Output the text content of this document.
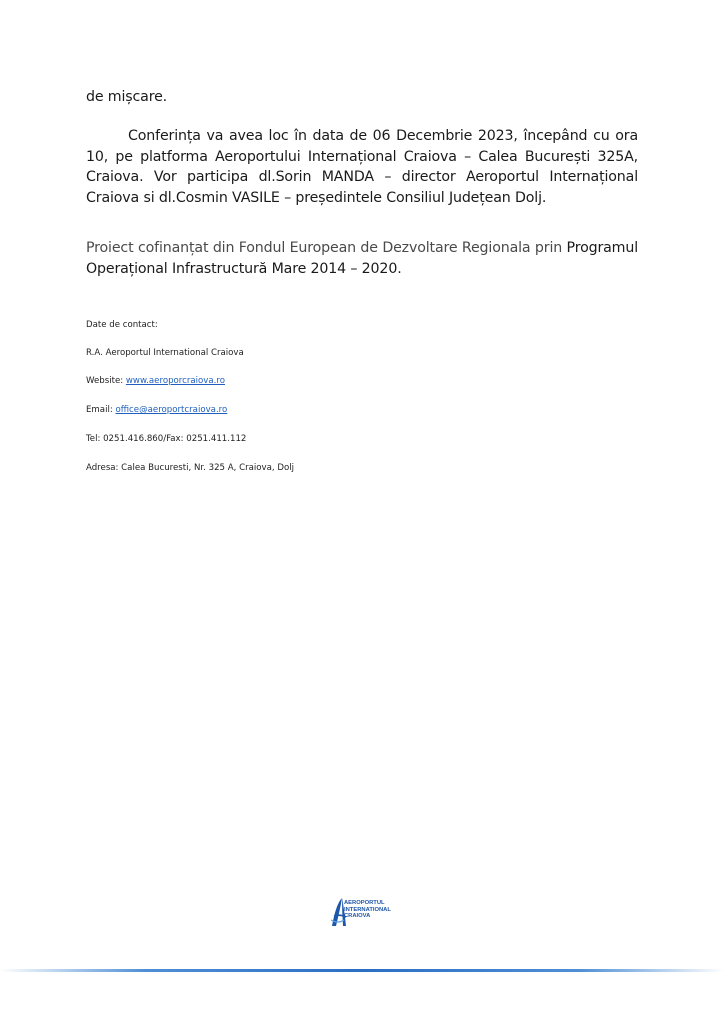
de mișcare.
Conferința va avea loc în data de 06 Decembrie 2023, începând cu ora 10, pe platforma Aeroportului Internațional Craiova – Calea București 325A, Craiova. Vor participa dl.Sorin MANDA – director Aeroportul Internațional Craiova si dl.Cosmin VASILE – președintele Consiliul Județean Dolj.
Proiect cofinanțat din Fondul European de Dezvoltare Regionala prin Programul Operațional Infrastructură Mare 2014 – 2020.
Date de contact:
R.A. Aeroportul International Craiova
Website: www.aeroporcraiova.ro
Email: office@aeroportcraiova.ro
Tel: 0251.416.860/Fax: 0251.411.112
Adresa: Calea Bucuresti, Nr. 325 A, Craiova, Dolj
AEROPORTUL
INTERNATIONAL
CRAIOVA
